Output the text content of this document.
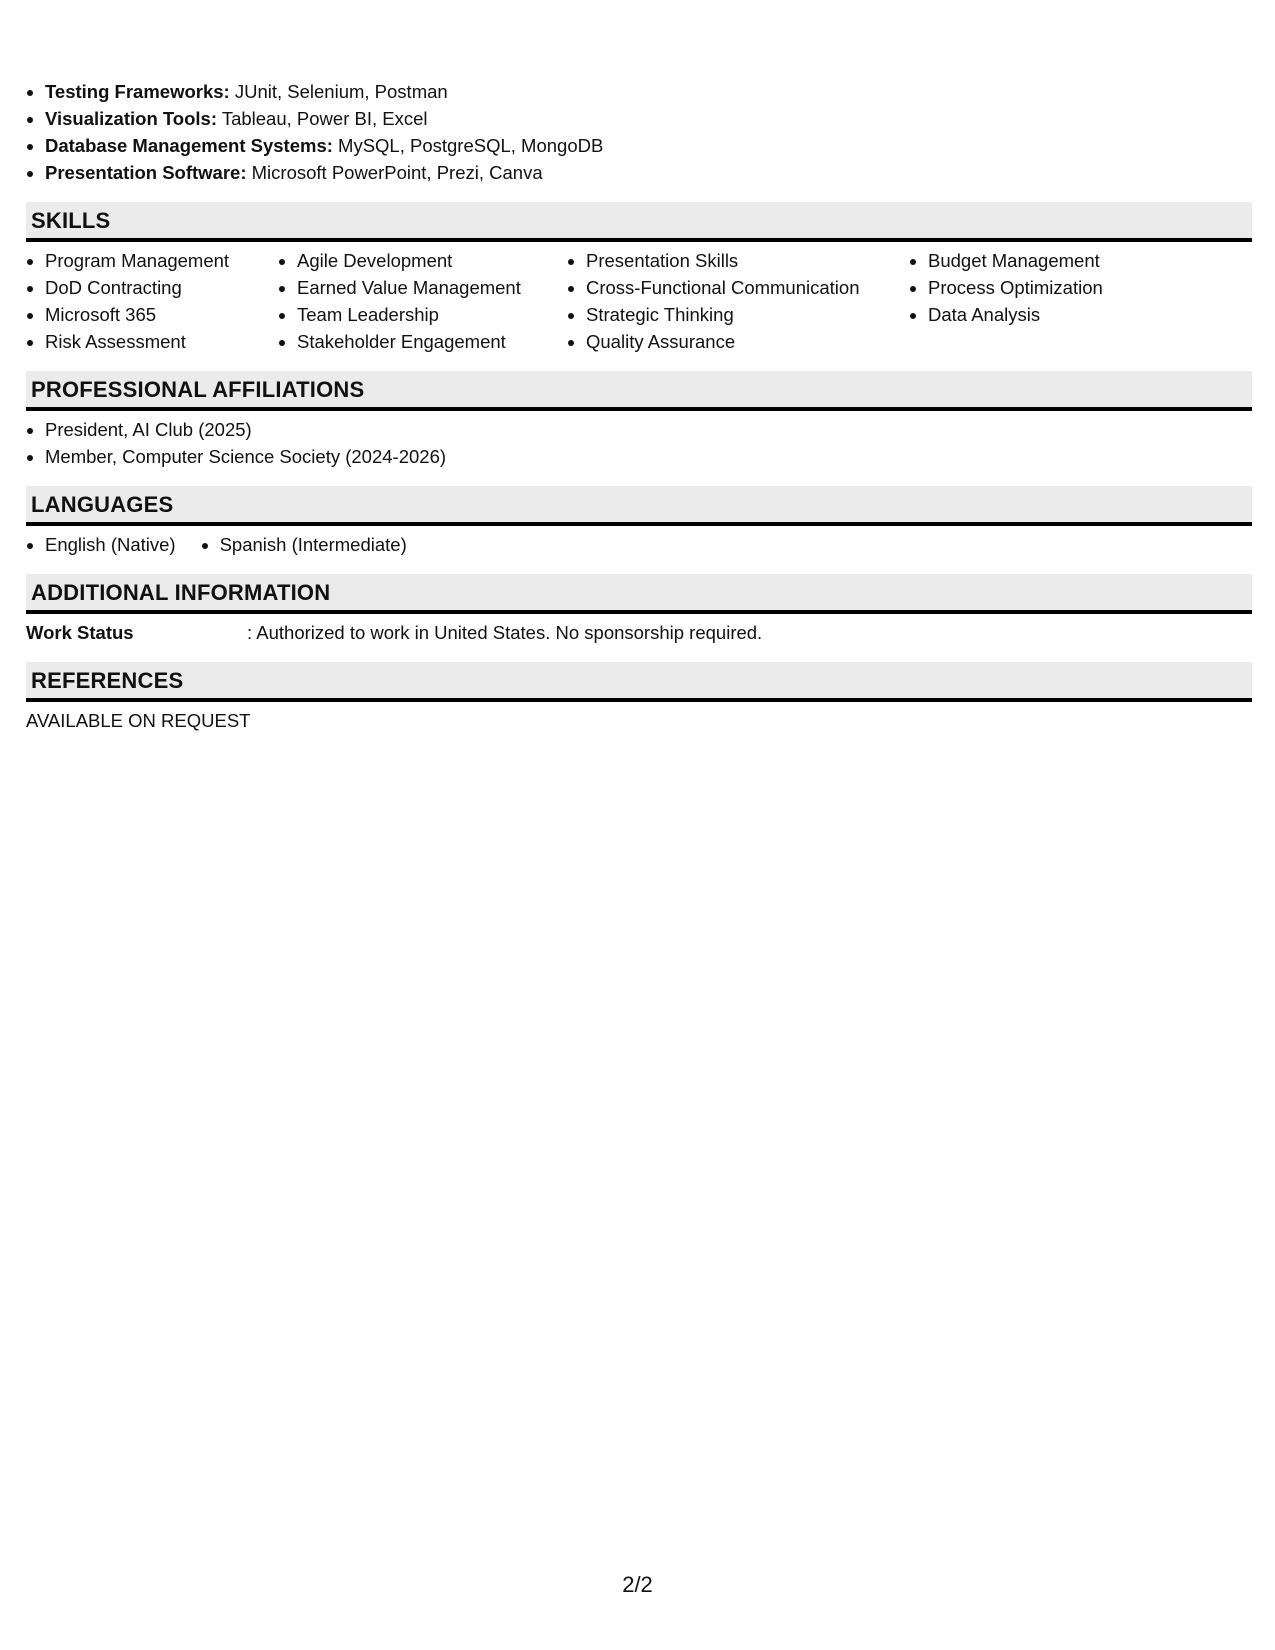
• Testing Frameworks: JUnit, Selenium, Postman
• Visualization Tools: Tableau, Power BI, Excel
• Database Management Systems: MySQL, PostgreSQL, MongoDB
• Presentation Software: Microsoft PowerPoint, Prezi, Canva
SKILLS
• Program Management
• DoD Contracting
• Microsoft 365
• Risk Assessment
• Agile Development
• Earned Value Management
• Team Leadership
• Stakeholder Engagement
• Presentation Skills
• Cross-Functional Communication
• Strategic Thinking
• Quality Assurance
• Budget Management
• Process Optimization
• Data Analysis
PROFESSIONAL AFFILIATIONS
• President, AI Club (2025)
• Member, Computer Science Society (2024-2026)
LANGUAGES
• English (Native)
• Spanish (Intermediate)
ADDITIONAL INFORMATION
Work Status	: Authorized to work in United States. No sponsorship required.
REFERENCES
AVAILABLE ON REQUEST
2/2
